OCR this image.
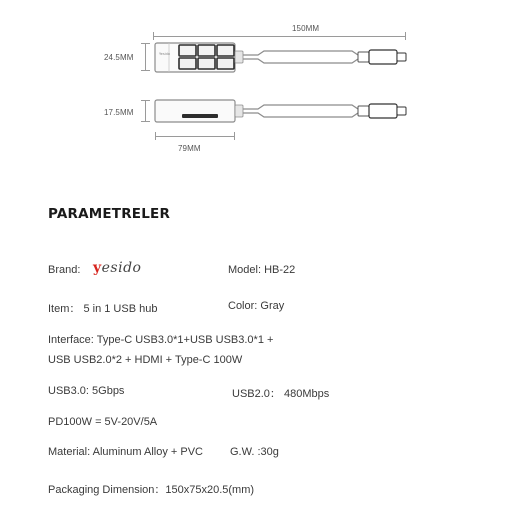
150MM
24.5MM	Yesido
17.5MM
79MM
PARAMETRELER
Brand: yesido	Model: HB-22
Item： 5 in 1 USB hub	Color: Gray
Interface: Type-C USB3.0*1+USB USB3.0*1 +
USB USB2.0*2 + HDMI + Type-C 100W
USB3.0: 5Gbps	USB2.0： 480Mbps
PD100W = 5V-20V/5A
Material: Aluminum Alloy + PVC G.W. :30g
Packaging Dimension：150x75x20.5(mm)
